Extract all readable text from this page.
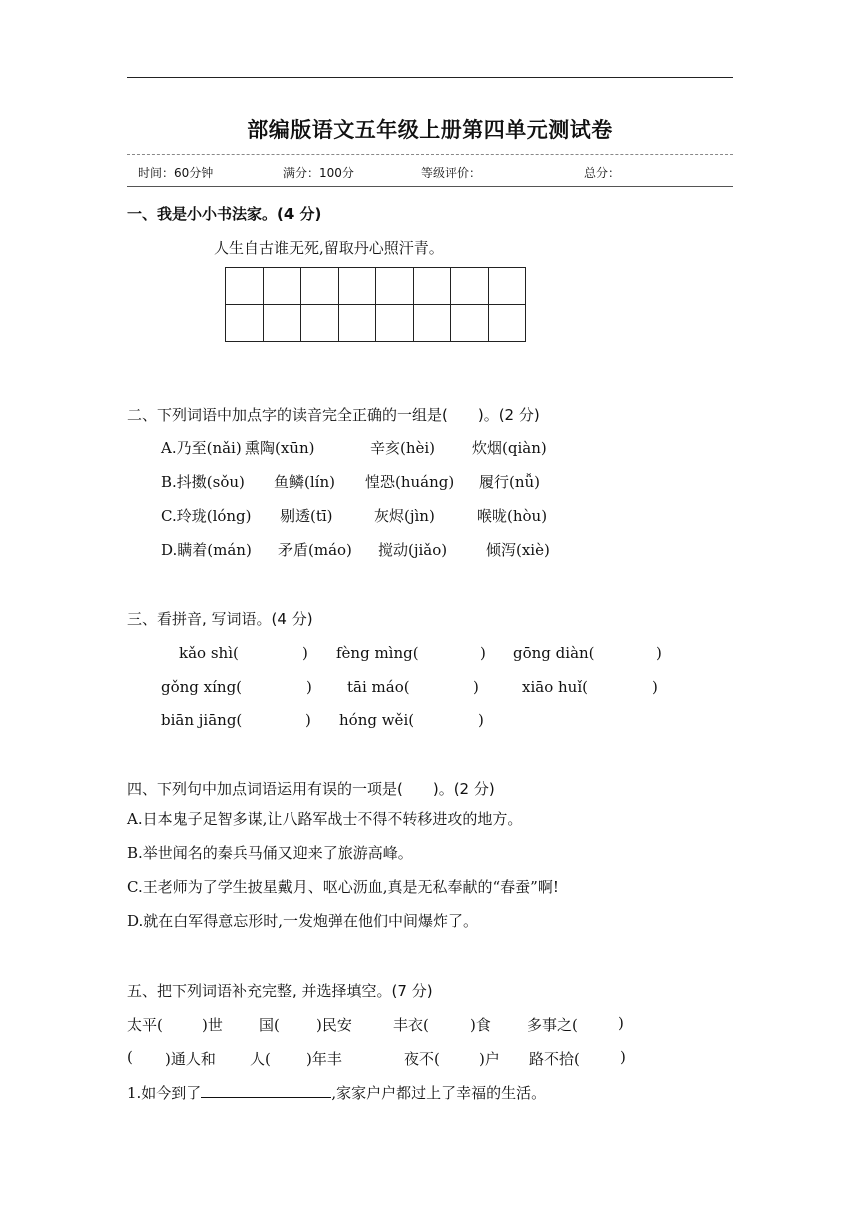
部编版语文五年级上册第四单元测试卷
时间：60分钟	满分：100分	等级评价：	总分：
一、我是小小书法家。(4 分)
人生自古谁无死,留取丹心照汗青。

二、下列词语中加点字的读音完全正确的一组是(　　)。(2 分)
A.乃至(nǎi) 熏陶(xūn)	辛亥(hèi) 炊烟(qiàn)
B.抖擞(sǒu) 鱼鳞(lín) 惶恐(huáng) 履行(nǚ)
C.玲珑(lóng) 剔透(tī)	灰烬(jìn)	喉咙(hòu)
D.瞒着(mán) 矛盾(máo) 搅动(jiǎo)	倾泻(xiè)
三、看拼音, 写词语。(4 分)
kǎo shì(	) fèng mìng(	) gōng diàn(	)
gǒng xíng(	) tāi máo(	)	xiāo huǐ(	)
biān jiāng(	) hóng wěi(	)
四、下列句中加点词语运用有误的一项是(　　)。(2 分)
A.日本鬼子足智多谋,让八路军战士不得不转移进攻的地方。
B.举世闻名的秦兵马俑又迎来了旅游高峰。
C.王老师为了学生披星戴月、呕心沥血,真是无私奉献的“春蚕”啊!
D.就在白军得意忘形时,一发炮弹在他们中间爆炸了。
五、把下列词语补充完整, 并选择填空。(7 分)
太平(	)世 国( )民安	丰衣(	)食 多事之(	)
( )通人和 人( )年丰	夜不(	)户 路不拾(	)
1.如今到了	,家家户户都过上了幸福的生活。
